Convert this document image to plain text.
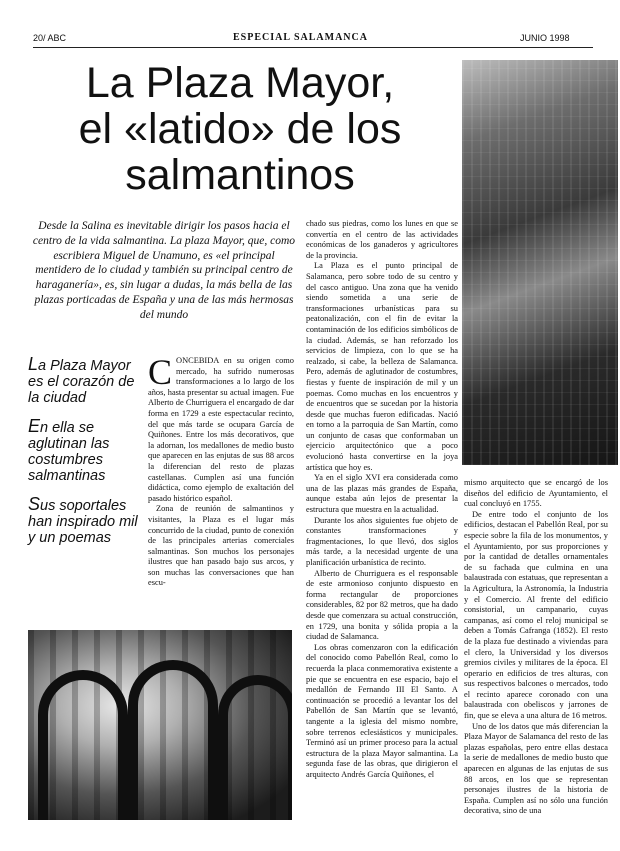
20/ ABC	ESPECIAL SALAMANCA	JUNIO 1998
La Plaza Mayor,
el «latido» de los
salmantinos
Desde la Salina es inevitable dirigir los pasos hacia el centro de la vida salmantina. La plaza Mayor, que, como escribiera Miguel de Unamuno, es «el principal mentidero de lo ciudad y también su principal centro de haraganería», es, sin lugar a dudas, la más bella de las plazas porticadas de España y una de las más hermosas del mundo

La Plaza Mayor es el corazón de la ciudad

En ella se aglutinan las costumbres salmantinas

Sus soportales han inspirado mil y un poemas

CONCEBIDA en su origen como mercado, ha sufrido numerosas transformaciones a lo largo de los años, hasta presentar su actual imagen. Fue Alberto de Churriguera el encargado de dar forma en 1729 a este espectacular recinto, del que más tarde se ocupara García de Quiñones. Entre los más decorativos, que la adornan, los medallones de medio busto que aparecen en las enjutas de sus 88 arcos la diferencian del resto de plazas castellanas. Cumplen así una función didáctica, como ejemplo de exaltación del pasado histórico español.

Zona de reunión de salmantinos y visitantes, la Plaza es el lugar más concurrido de la ciudad, punto de conexión de las principales arterias comerciales salmantinas. Son muchos los personajes ilustres que han pasado bajo sus arcos, y son muchas las conversaciones que han escu-

chado sus piedras, como los lunes en que se convertía en el centro de las actividades económicas de los ganaderos y agricultores de la provincia.

La Plaza es el punto principal de Salamanca, pero sobre todo de su centro y del casco antiguo. Una zona que ha venido siendo sometida a una serie de transformaciones urbanísticas para su peatonalización, con el fin de evitar la contaminación de los edificios simbólicos de la ciudad. Además, se han reforzado los servicios de limpieza, con lo que se ha realzado, si cabe, la belleza de Salamanca. Pero, además de aglutinador de costumbres, fiestas y fuente de inspiración de mil y un poemas. Como muchas en los encuentros y de encuentros que se sucedan por la historia desde que muchas fueron edificadas. Nació en torno a la parroquia de San Martín, como un conjunto de casas que conformaban un ejercicio arquitectónico que a poco evolucionó hasta convertirse en la joya artística que hoy es.

Ya en el siglo XVI era considerada como una de las plazas más grandes de España, aunque estaba aún lejos de presentar la estructura que muestra en la actualidad.

Durante los años siguientes fue objeto de constantes transformaciones y fragmentaciones, lo que llevó, dos siglos más tarde, a la necesidad urgente de una planificación urbanística de recinto.

Alberto de Churriguera es el responsable de este armonioso conjunto dispuesto en forma rectangular de proporciones considerables, 82 por 82 metros, que ha dado desde que comenzara su actual construcción, en 1729, una bonita y sólida propia a la ciudad de Salamanca.

Los obras comenzaron con la edificación del conocido como Pabellón Real, como lo recuerda la placa conmemorativa existente a pie que se encuentra en ese espacio, bajo el medallón de Fernando III El Santo. A continuación se procedió a levantar los del Pabellón de San Martín que se levantó, tangente a la iglesia del mismo nombre, sobre terrenos eclesiásticos y municipales. Terminó así un primer proceso para la actual estructura de la plaza Mayor salmantina. La segunda fase de las obras, que dirigieron el arquitecto Andrés García Quiñones, el

mismo arquitecto que se encargó de los diseños del edificio de Ayuntamiento, el cual concluyó en 1755.

De entre todo el conjunto de los edificios, destacan el Pabellón Real, por su especie sobre la fila de los monumentos, y el Ayuntamiento, por sus proporciones y por la cantidad de detalles ornamentales de su fachada que culmina en una balaustrada con estatuas, que representan a la Agricultura, la Astronomía, la Industria y el Comercio. Al frente del edificio consistorial, un campanario, cuyas campanas, así como el reloj municipal se deben a Tomás Cafranga (1852). El resto de la plaza fue destinado a viviendas para el clero, la Universidad y los diversos gremios civiles y militares de la época. El operario en edificios de tres alturas, con sus respectivos balcones o mercados, todo el recinto aparece coronado con una balaustrada con obeliscos y jarrones de fin, que se eleva a una altura de 16 metros.

Uno de los datos que más diferencian la Plaza Mayor de Salamanca del resto de las plazas españolas, pero entre ellas destaca la serie de medallones de medio busto que aparecen en algunas de las enjutas de sus 88 arcos, en los que se representan personajes ilustres de la historia de España. Cumplen así no sólo una función decorativa, sino de una
